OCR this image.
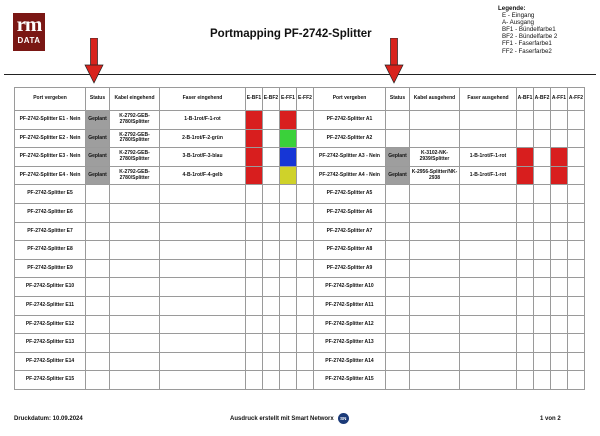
rm
DATA
Portmapping PF-2742-Splitter
Legende:
E - Eingang
A- Ausgang
BF1 - Bündelfarbe1
BF2 - Bündelfarbe 2
FF1 - Faserfarbe1
FF2 - Faserfarbe2
Port vergeben	Status	Kabel eingehend	Faser eingehend	E-BF1	E-BF2	E-FF1	E-FF2	Port vergeben	Status	Kabel ausgehend	Faser ausgehend	A-BF1	A-BF2	A-FF1	A-FF2
PF-2742-Splitter E1 - Nein	Geplant	K-2792-GEB-2780/Splitter	1-B-1rot/F-1-rot					PF-2742-Splitter A1							
PF-2742-Splitter E2 - Nein	Geplant	K-2792-GEB-2780/Splitter	2-B-1rot/F-2-grün					PF-2742-Splitter A2							
PF-2742-Splitter E3 - Nein	Geplant	K-2792-GEB-2780/Splitter	3-B-1rot/F-3-blau					PF-2742-Splitter A3 - Nein	Geplant	K-3102-NK-2939/Splitter	1-B-1rot/F-1-rot				
PF-2742-Splitter E4 - Nein	Geplant	K-2792-GEB-2780/Splitter	4-B-1rot/F-4-gelb					PF-2742-Splitter A4 - Nein	Geplant	K-2956-Splitter/NK-2938	1-B-1rot/F-1-rot				
PF-2742-Splitter E5								PF-2742-Splitter A5							
PF-2742-Splitter E6								PF-2742-Splitter A6							
PF-2742-Splitter E7								PF-2742-Splitter A7							
PF-2742-Splitter E8								PF-2742-Splitter A8							
PF-2742-Splitter E9								PF-2742-Splitter A9							
PF-2742-Splitter E10								PF-2742-Splitter A10							
PF-2742-Splitter E11								PF-2742-Splitter A11							
PF-2742-Splitter E12								PF-2742-Splitter A12							
PF-2742-Splitter E13								PF-2742-Splitter A13							
PF-2742-Splitter E14								PF-2742-Splitter A14							
PF-2742-Splitter E15								PF-2742-Splitter A15							
Druckdatum: 10.09.2024	Ausdruck erstellt mit Smart Networx SN	1 von 2
